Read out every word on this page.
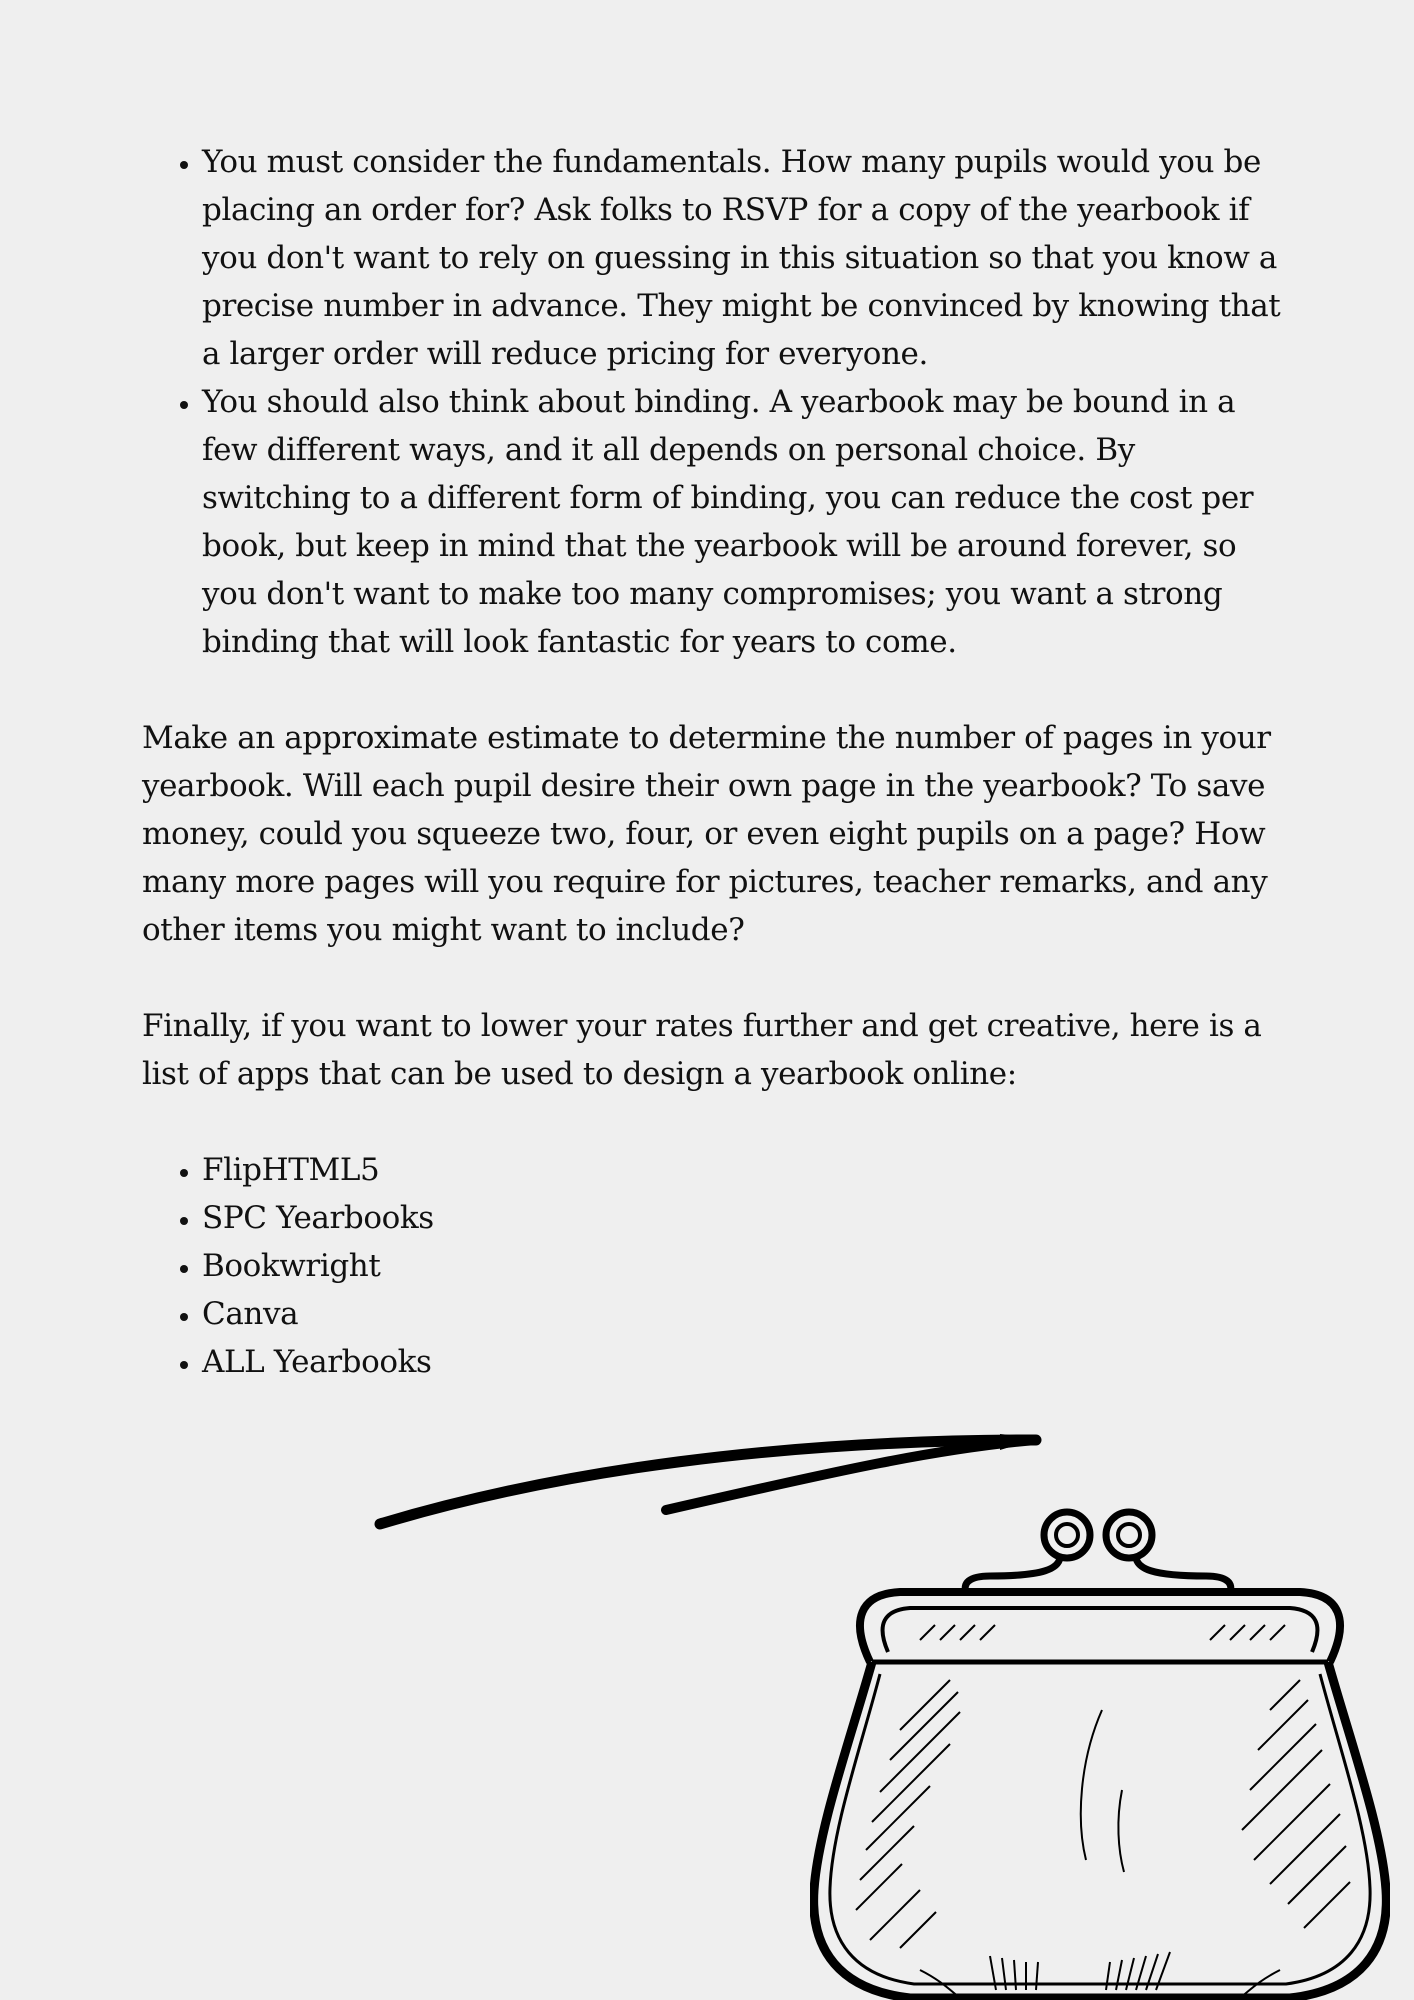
• You must consider the fundamentals. How many pupils would you be placing an order for? Ask folks to RSVP for a copy of the yearbook if you don't want to rely on guessing in this situation so that you know a precise number in advance. They might be convinced by knowing that a larger order will reduce pricing for everyone.
• You should also think about binding. A yearbook may be bound in a few different ways, and it all depends on personal choice. By switching to a different form of binding, you can reduce the cost per book, but keep in mind that the yearbook will be around forever, so you don't want to make too many compromises; you want a strong binding that will look fantastic for years to come.

Make an approximate estimate to determine the number of pages in your yearbook. Will each pupil desire their own page in the yearbook? To save money, could you squeeze two, four, or even eight pupils on a page? How many more pages will you require for pictures, teacher remarks, and any other items you might want to include?

Finally, if you want to lower your rates further and get creative, here is a list of apps that can be used to design a yearbook online:

• FlipHTML5
• SPC Yearbooks
• Bookwright
• Canva
• ALL Yearbooks
